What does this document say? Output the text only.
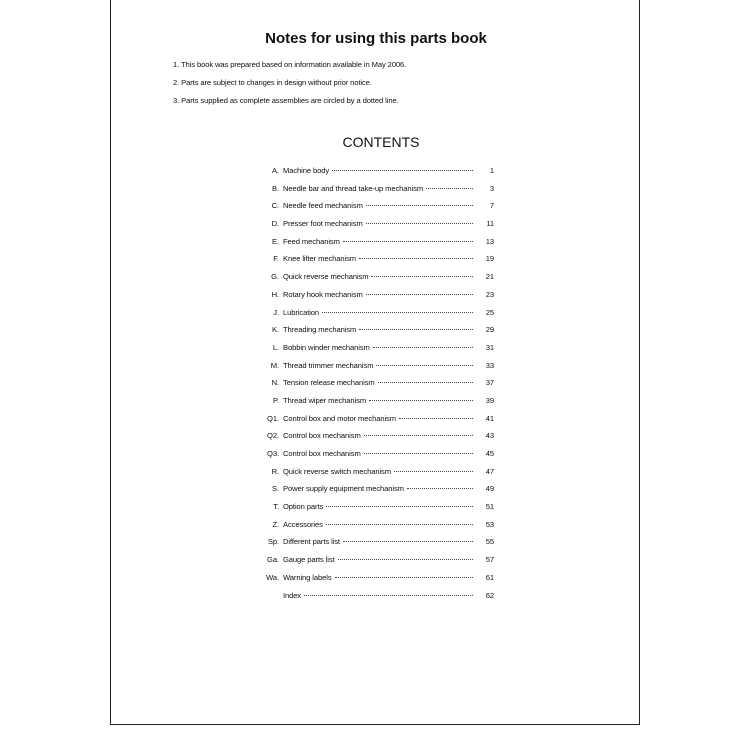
Notes for using this parts book
1. This book was prepared based on information available in May 2006.
2. Parts are subject to changes in design without prior notice.
3. Parts supplied as complete assemblies are circled by a dotted line.
CONTENTS
A. Machine body	1
B. Needle bar and thread take-up mechanism	3
C. Needle feed mechanism	7
D. Presser foot mechanism	11
E. Feed mechanism	13
F. Knee lifter mechanism	19
G. Quick reverse mechanism	21
H. Rotary hook mechanism	23
J. Lubrication	25
K. Threading mechanism	29
L. Bobbin winder mechanism	31
M. Thread trimmer mechanism	33
N. Tension release mechanism	37
P. Thread wiper mechanism	39
Q1. Control box and motor mechanism	41
Q2. Control box mechanism	43
Q3. Control box mechanism	45
R. Quick reverse switch mechanism	47
S. Power supply equipment mechanism	49
T. Option parts	51
Z. Accessories	53
Sp. Different parts list	55
Ga. Gauge parts list	57
Wa. Warning labels	61
Index	62
